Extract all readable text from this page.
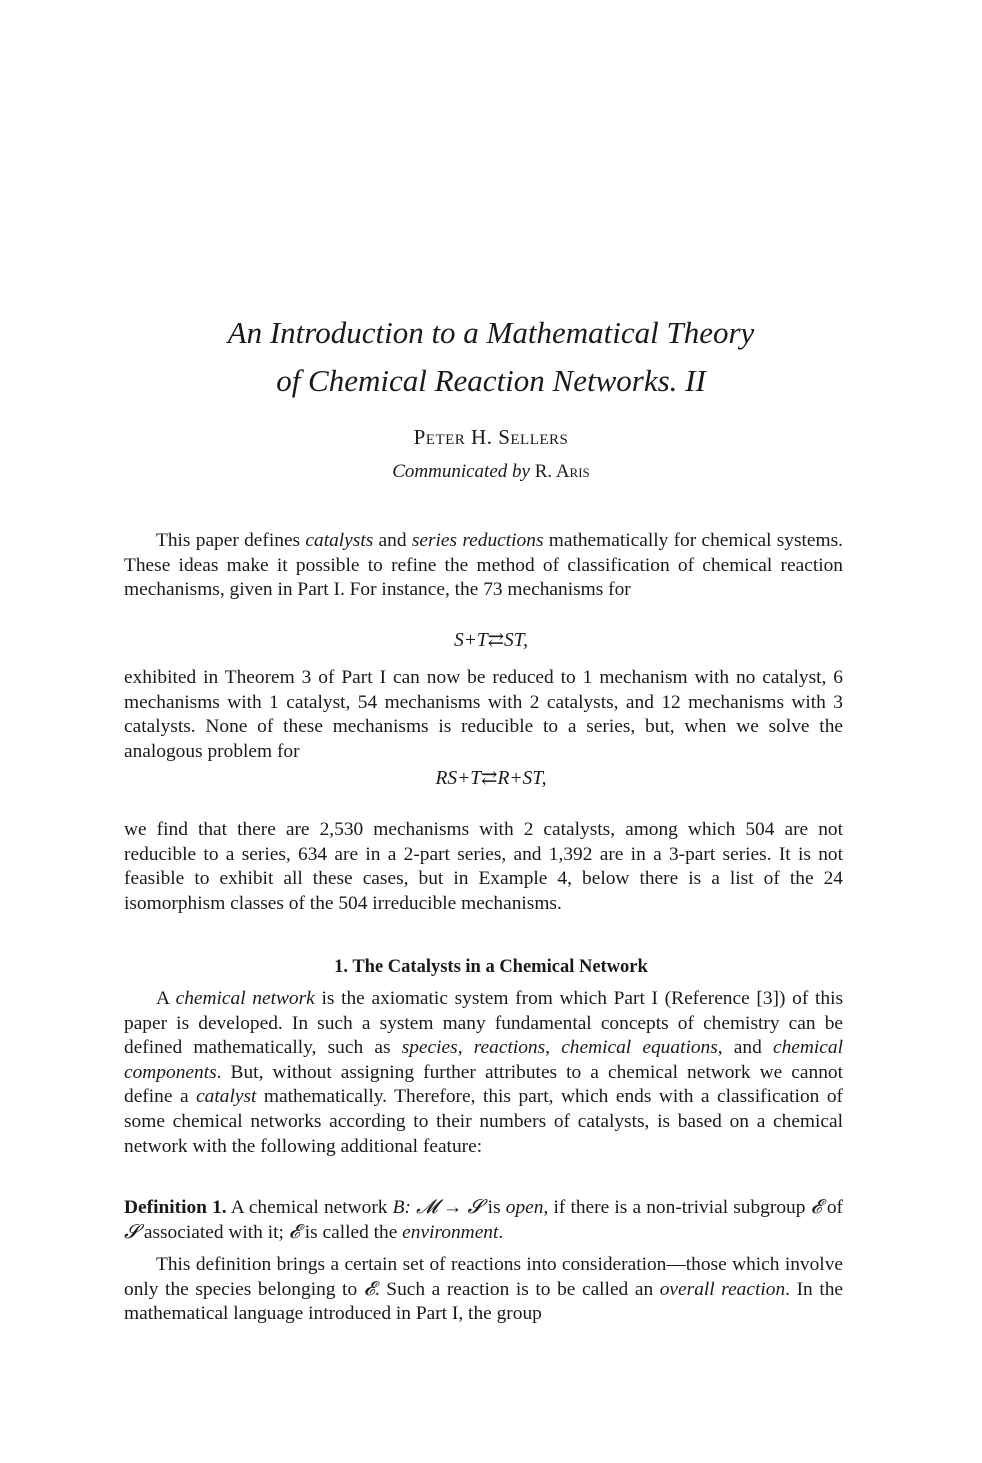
An Introduction to a Mathematical Theory
of Chemical Reaction Networks. II
Peter H. Sellers
Communicated by R. Aris

This paper defines catalysts and series reductions mathematically for chemical systems. These ideas make it possible to refine the method of classification of chemical reaction mechanisms, given in Part I. For instance, the 73 mechanisms for

S+T⇄ST,

exhibited in Theorem 3 of Part I can now be reduced to 1 mechanism with no catalyst, 6 mechanisms with 1 catalyst, 54 mechanisms with 2 catalysts, and 12 mechanisms with 3 catalysts. None of these mechanisms is reducible to a series, but, when we solve the analogous problem for

RS+T⇄R+ST,

we find that there are 2,530 mechanisms with 2 catalysts, among which 504 are not reducible to a series, 634 are in a 2-part series, and 1,392 are in a 3-part series. It is not feasible to exhibit all these cases, but in Example 4, below there is a list of the 24 isomorphism classes of the 504 irreducible mechanisms.

1. The Catalysts in a Chemical Network

A chemical network is the axiomatic system from which Part I (Reference [3]) of this paper is developed. In such a system many fundamental concepts of chemistry can be defined mathematically, such as species, reactions, chemical equations, and chemical components. But, without assigning further attributes to a chemical network we cannot define a catalyst mathematically. Therefore, this part, which ends with a classification of some chemical networks according to their numbers of catalysts, is based on a chemical network with the following additional feature:

Definition 1. A chemical network B: 𝓜 → 𝓢 is open, if there is a non-trivial subgroup 𝓔 of 𝓢 associated with it; 𝓔 is called the environment.

This definition brings a certain set of reactions into consideration—those which involve only the species belonging to 𝓔. Such a reaction is to be called an overall reaction. In the mathematical language introduced in Part I, the group
